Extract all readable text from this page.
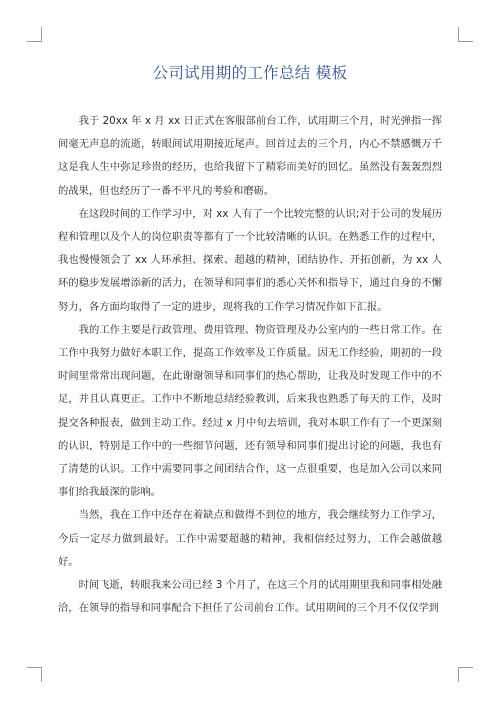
公司试用期的工作总结 模板

我于 20xx 年 x 月 xx 日正式在客服部前台工作，试用期三个月，时光弹指一挥间毫无声息的流逝，转眼间试用期接近尾声。回首过去的三个月，内心不禁感慨万千这是我人生中弥足珍贵的经历，也给我留下了精彩而美好的回忆。虽然没有轰轰烈烈的战果，但也经历了一番不平凡的考验和磨砺。

在这段时间的工作学习中，对 xx 人有了一个比较完整的认识;对于公司的发展历程和管理以及个人的岗位职责等都有了一个比较清晰的认识。在熟悉工作的过程中，我也慢慢领会了 xx 人环承担、探索、超越的精神，团结协作、开拓创新，为 xx 人环的稳步发展增添新的活力，在领导和同事们的悉心关怀和指导下，通过自身的不懈努力，各方面均取得了一定的进步，现将我的工作学习情况作如下汇报。

我的工作主要是行政管理、费用管理、物资管理及办公室内的一些日常工作。在工作中我努力做好本职工作，提高工作效率及工作质量。因无工作经验，期初的一段时间里常常出现问题，在此谢谢领导和同事们的热心帮助，让我及时发现工作中的不足，并且认真更正。工作中不断地总结经验教训，后来我也熟悉了每天的工作，及时提交各种报表，做到主动工作。经过 x 月中旬去培训，我对本职工作有了一个更深刻的认识，特别是工作中的一些细节问题，还有领导和同事们提出讨论的问题，我也有了清楚的认识。工作中需要同事之间团结合作，这一点很重要，也是加入公司以来同事们给我最深的影响。

当然，我在工作中还存在着缺点和做得不到位的地方，我会继续努力工作学习，今后一定尽力做到最好。工作中需要超越的精神，我相信经过努力，工作会越做越好。

时间飞逝，转眼我来公司已经 3 个月了，在这三个月的试用期里我和同事相处融洽，在领导的指导和同事配合下担任了公司前台工作。试用期间的三个月不仅仅学到
